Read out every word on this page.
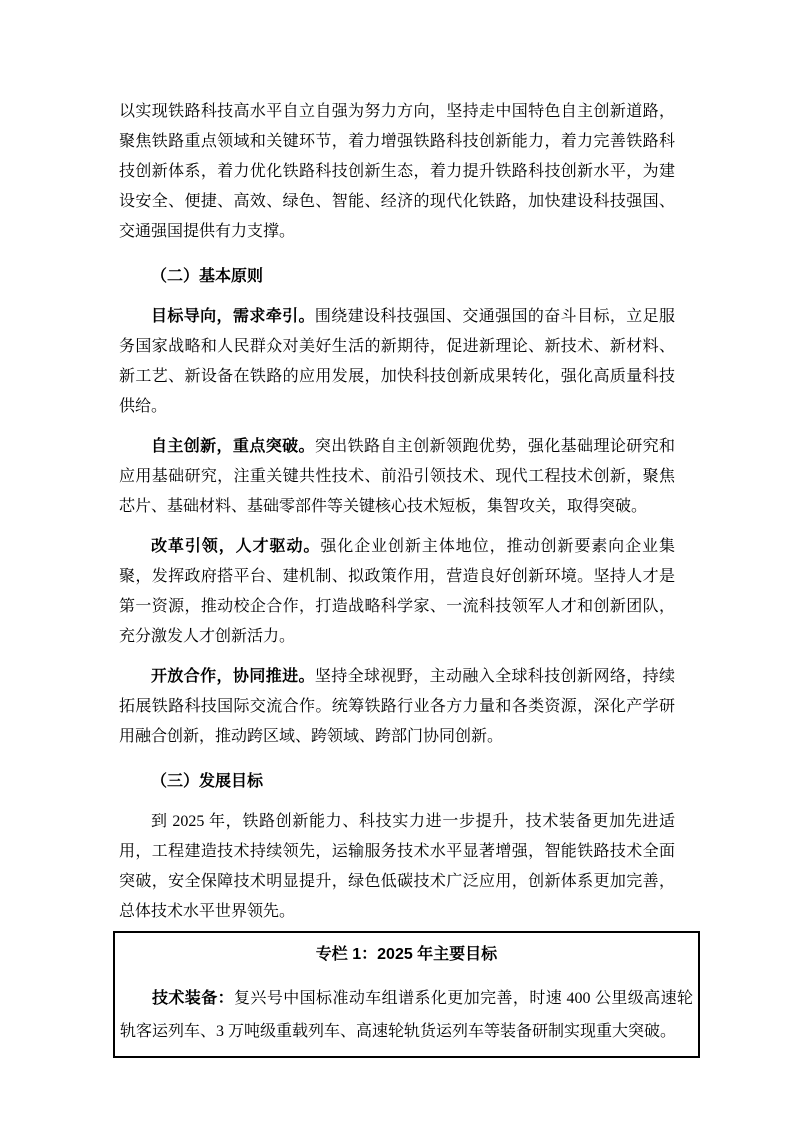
以实现铁路科技高水平自立自强为努力方向，坚持走中国特色自主创新道路，聚焦铁路重点领域和关键环节，着力增强铁路科技创新能力，着力完善铁路科技创新体系，着力优化铁路科技创新生态，着力提升铁路科技创新水平，为建设安全、便捷、高效、绿色、智能、经济的现代化铁路，加快建设科技强国、交通强国提供有力支撑。

（二）基本原则

目标导向，需求牵引。围绕建设科技强国、交通强国的奋斗目标，立足服务国家战略和人民群众对美好生活的新期待，促进新理论、新技术、新材料、新工艺、新设备在铁路的应用发展，加快科技创新成果转化，强化高质量科技供给。

自主创新，重点突破。突出铁路自主创新领跑优势，强化基础理论研究和应用基础研究，注重关键共性技术、前沿引领技术、现代工程技术创新，聚焦芯片、基础材料、基础零部件等关键核心技术短板，集智攻关，取得突破。

改革引领，人才驱动。强化企业创新主体地位，推动创新要素向企业集聚，发挥政府搭平台、建机制、拟政策作用，营造良好创新环境。坚持人才是第一资源，推动校企合作，打造战略科学家、一流科技领军人才和创新团队，充分激发人才创新活力。

开放合作，协同推进。坚持全球视野，主动融入全球科技创新网络，持续拓展铁路科技国际交流合作。统筹铁路行业各方力量和各类资源，深化产学研用融合创新，推动跨区域、跨领域、跨部门协同创新。

（三）发展目标

到 2025 年，铁路创新能力、科技实力进一步提升，技术装备更加先进适用，工程建造技术持续领先，运输服务技术水平显著增强，智能铁路技术全面突破，安全保障技术明显提升，绿色低碳技术广泛应用，创新体系更加完善，总体技术水平世界领先。

专栏 1：2025 年主要目标

技术装备：复兴号中国标准动车组谱系化更加完善，时速 400 公里级高速轮轨客运列车、3 万吨级重载列车、高速轮轨货运列车等装备研制实现重大突破。
